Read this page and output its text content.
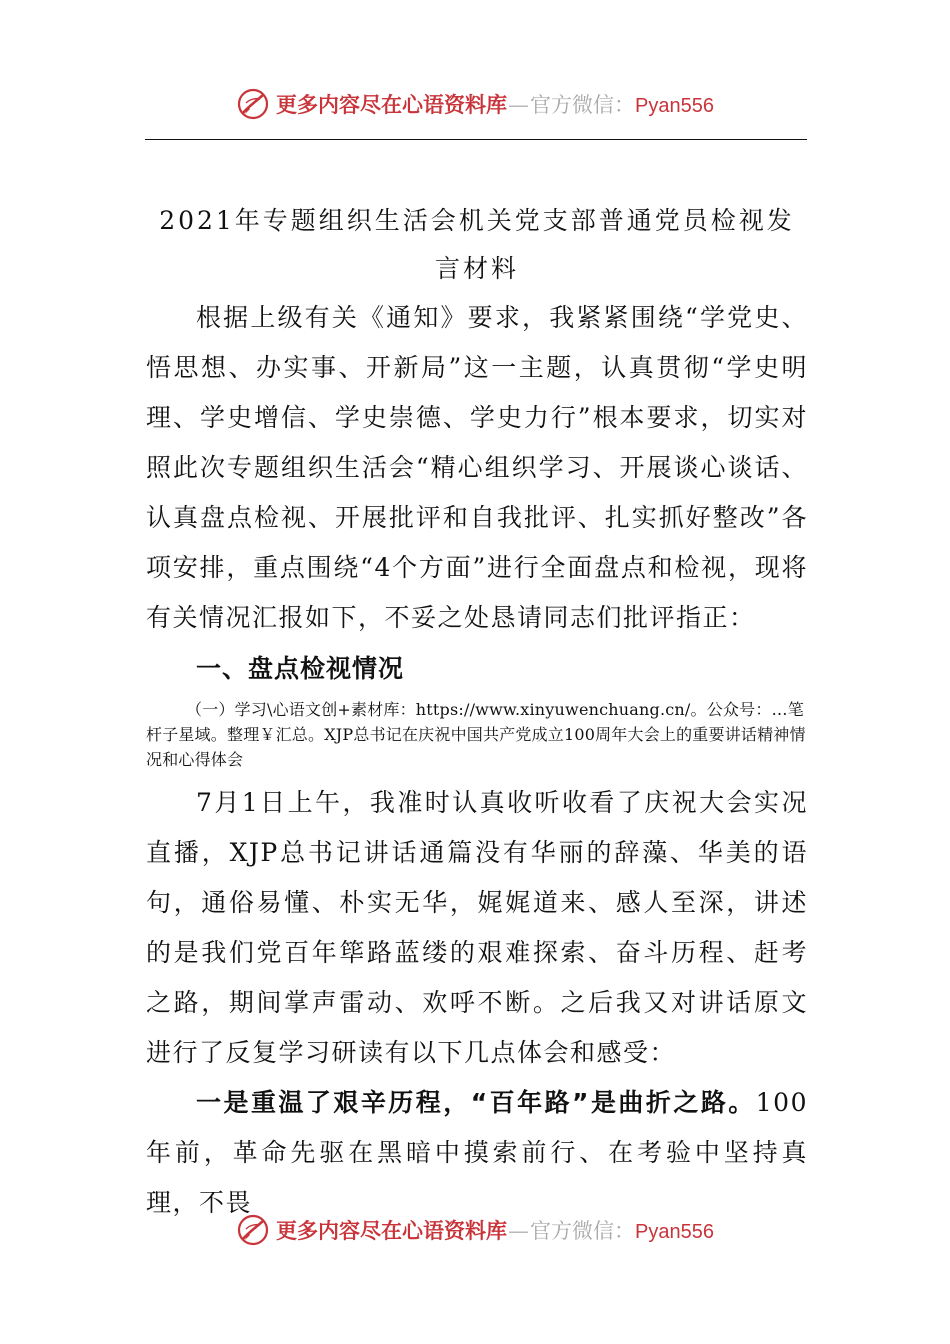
更多内容尽在心语资料库 — 官方微信： Pyan556
2021年专题组织生活会机关党支部普通党员检视发言材料

根据上级有关《通知》要求，我紧紧围绕“学党史、悟思想、办实事、开新局”这一主题，认真贯彻“学史明理、学史增信、学史崇德、学史力行”根本要求，切实对照此次专题组织生活会“精心组织学习、开展谈心谈话、认真盘点检视、开展批评和自我批评、扎实抓好整改”各项安排，重点围绕“4个方面”进行全面盘点和检视，现将有关情况汇报如下，不妥之处恳请同志们批评指正：

一、盘点检视情况

（一）学习\心语文创+素材库：https://www.xinyuwenchuang.cn/。公众号：…笔杆子星域。整理￥汇总。XJP总书记在庆祝中国共产党成立100周年大会上的重要讲话精神情况和心得体会

7月1日上午，我准时认真收听收看了庆祝大会实况直播，XJP总书记讲话通篇没有华丽的辞藻、华美的语句，通俗易懂、朴实无华，娓娓道来、感人至深，讲述的是我们党百年筚路蓝缕的艰难探索、奋斗历程、赶考之路，期间掌声雷动、欢呼不断。之后我又对讲话原文进行了反复学习研读有以下几点体会和感受：

一是重温了艰辛历程，“百年路”是曲折之路。100年前，革命先驱在黑暗中摸索前行、在考验中坚持真理，不畏

更多内容尽在心语资料库 — 官方微信： Pyan556
